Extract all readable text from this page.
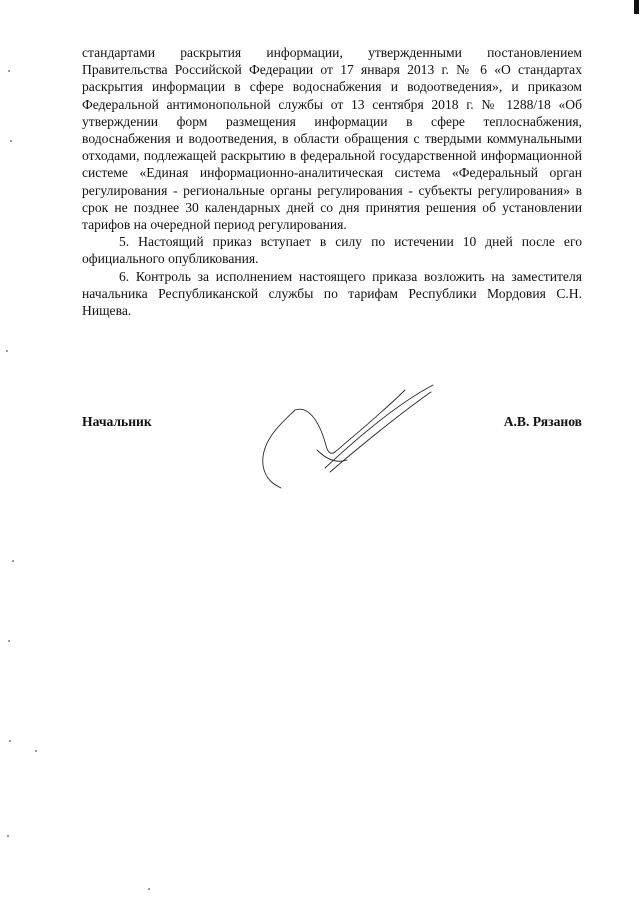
стандартами раскрытия информации, утвержденными постановлением Правительства Российской Федерации от 17 января 2013 г. № 6 «О стандартах раскрытия информации в сфере водоснабжения и водоотведения», и приказом Федеральной антимонопольной службы от 13 сентября 2018 г. № 1288/18 «Об утверждении форм размещения информации в сфере теплоснабжения, водоснабжения и водоотведения, в области обращения с твердыми коммунальными отходами, подлежащей раскрытию в федеральной государственной информационной системе «Единая информационно-аналитическая система «Федеральный орган регулирования - региональные органы регулирования - субъекты регулирования» в срок не позднее 30 календарных дней со дня принятия решения об установлении тарифов на очередной период регулирования.

5. Настоящий приказ вступает в силу по истечении 10 дней после его официального опубликования.

6. Контроль за исполнением настоящего приказа возложить на заместителя начальника Республиканской службы по тарифам Республики Мордовия С.Н. Нищева.

Начальник	А.В. Рязанов
